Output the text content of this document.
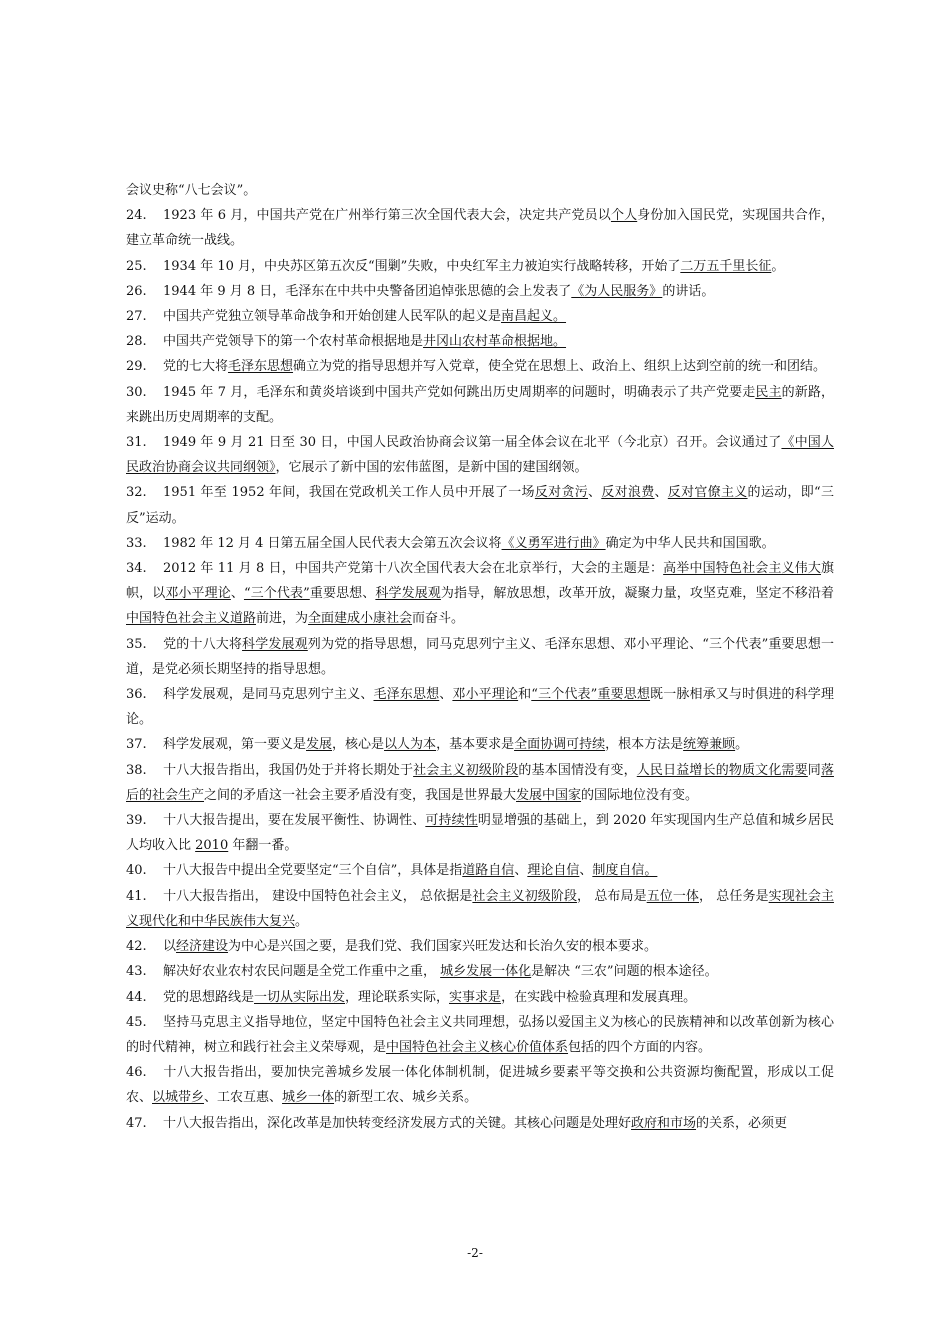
会议史称“八七会议”。

24. 1923 年 6 月，中国共产党在广州举行第三次全国代表大会，决定共产党员以个人身份加入国民党，实现国共合作，建立革命统一战线。

25. 1934 年 10 月，中央苏区第五次反“围剿”失败，中央红军主力被迫实行战略转移，开始了二万五千里长征。

26. 1944 年 9 月 8 日，毛泽东在中共中央警备团追悼张思德的会上发表了《为人民服务》的讲话。

27. 中国共产党独立领导革命战争和开始创建人民军队的起义是南昌起义。

28. 中国共产党领导下的第一个农村革命根据地是井冈山农村革命根据地。

29. 党的七大将毛泽东思想确立为党的指导思想并写入党章，使全党在思想上、政治上、组织上达到空前的统一和团结。

30. 1945 年 7 月，毛泽东和黄炎培谈到中国共产党如何跳出历史周期率的问题时，明确表示了共产党要走民主的新路，来跳出历史周期率的支配。

31. 1949 年 9 月 21 日至 30 日，中国人民政治协商会议第一届全体会议在北平（今北京）召开。会议通过了《中国人民政治协商会议共同纲领》，它展示了新中国的宏伟蓝图，是新中国的建国纲领。

32. 1951 年至 1952 年间，我国在党政机关工作人员中开展了一场反对贪污、反对浪费、反对官僚主义的运动，即“三反”运动。

33. 1982 年 12 月 4 日第五届全国人民代表大会第五次会议将《义勇军进行曲》确定为中华人民共和国国歌。

34. 2012 年 11 月 8 日，中国共产党第十八次全国代表大会在北京举行，大会的主题是：高举中国特色社会主义伟大旗帜，以邓小平理论、“三个代表”重要思想、科学发展观为指导，解放思想，改革开放，凝聚力量，攻坚克难，坚定不移沿着中国特色社会主义道路前进，为全面建成小康社会而奋斗。

35. 党的十八大将科学发展观列为党的指导思想，同马克思列宁主义、毛泽东思想、邓小平理论、“三个代表”重要思想一道，是党必须长期坚持的指导思想。

36. 科学发展观，是同马克思列宁主义、毛泽东思想、邓小平理论和“三个代表”重要思想既一脉相承又与时俱进的科学理论。

37. 科学发展观，第一要义是发展，核心是以人为本，基本要求是全面协调可持续，根本方法是统筹兼顾。

38. 十八大报告指出，我国仍处于并将长期处于社会主义初级阶段的基本国情没有变，人民日益增长的物质文化需要同落后的社会生产之间的矛盾这一社会主要矛盾没有变，我国是世界最大发展中国家的国际地位没有变。

39. 十八大报告提出，要在发展平衡性、协调性、可持续性明显增强的基础上，到 2020 年实现国内生产总值和城乡居民人均收入比 2010 年翻一番。

40. 十八大报告中提出全党要坚定“三个自信”，具体是指道路自信、理论自信、制度自信。

41. 十八大报告指出， 建设中国特色社会主义， 总依据是社会主义初级阶段， 总布局是五位一体， 总任务是实现社会主义现代化和中华民族伟大复兴。

42. 以经济建设为中心是兴国之要，是我们党、我们国家兴旺发达和长治久安的根本要求。

43. 解决好农业农村农民问题是全党工作重中之重， 城乡发展一体化是解决 “三农”问题的根本途径。

44. 党的思想路线是一切从实际出发，理论联系实际，实事求是，在实践中检验真理和发展真理。

45. 坚持马克思主义指导地位，坚定中国特色社会主义共同理想，弘扬以爱国主义为核心的民族精神和以改革创新为核心的时代精神，树立和践行社会主义荣辱观，是中国特色社会主义核心价值体系包括的四个方面的内容。

46. 十八大报告指出，要加快完善城乡发展一体化体制机制，促进城乡要素平等交换和公共资源均衡配置，形成以工促农、以城带乡、工农互惠、城乡一体的新型工农、城乡关系。

47. 十八大报告指出，深化改革是加快转变经济发展方式的关键。其核心问题是处理好政府和市场的关系，必须更

-2-
